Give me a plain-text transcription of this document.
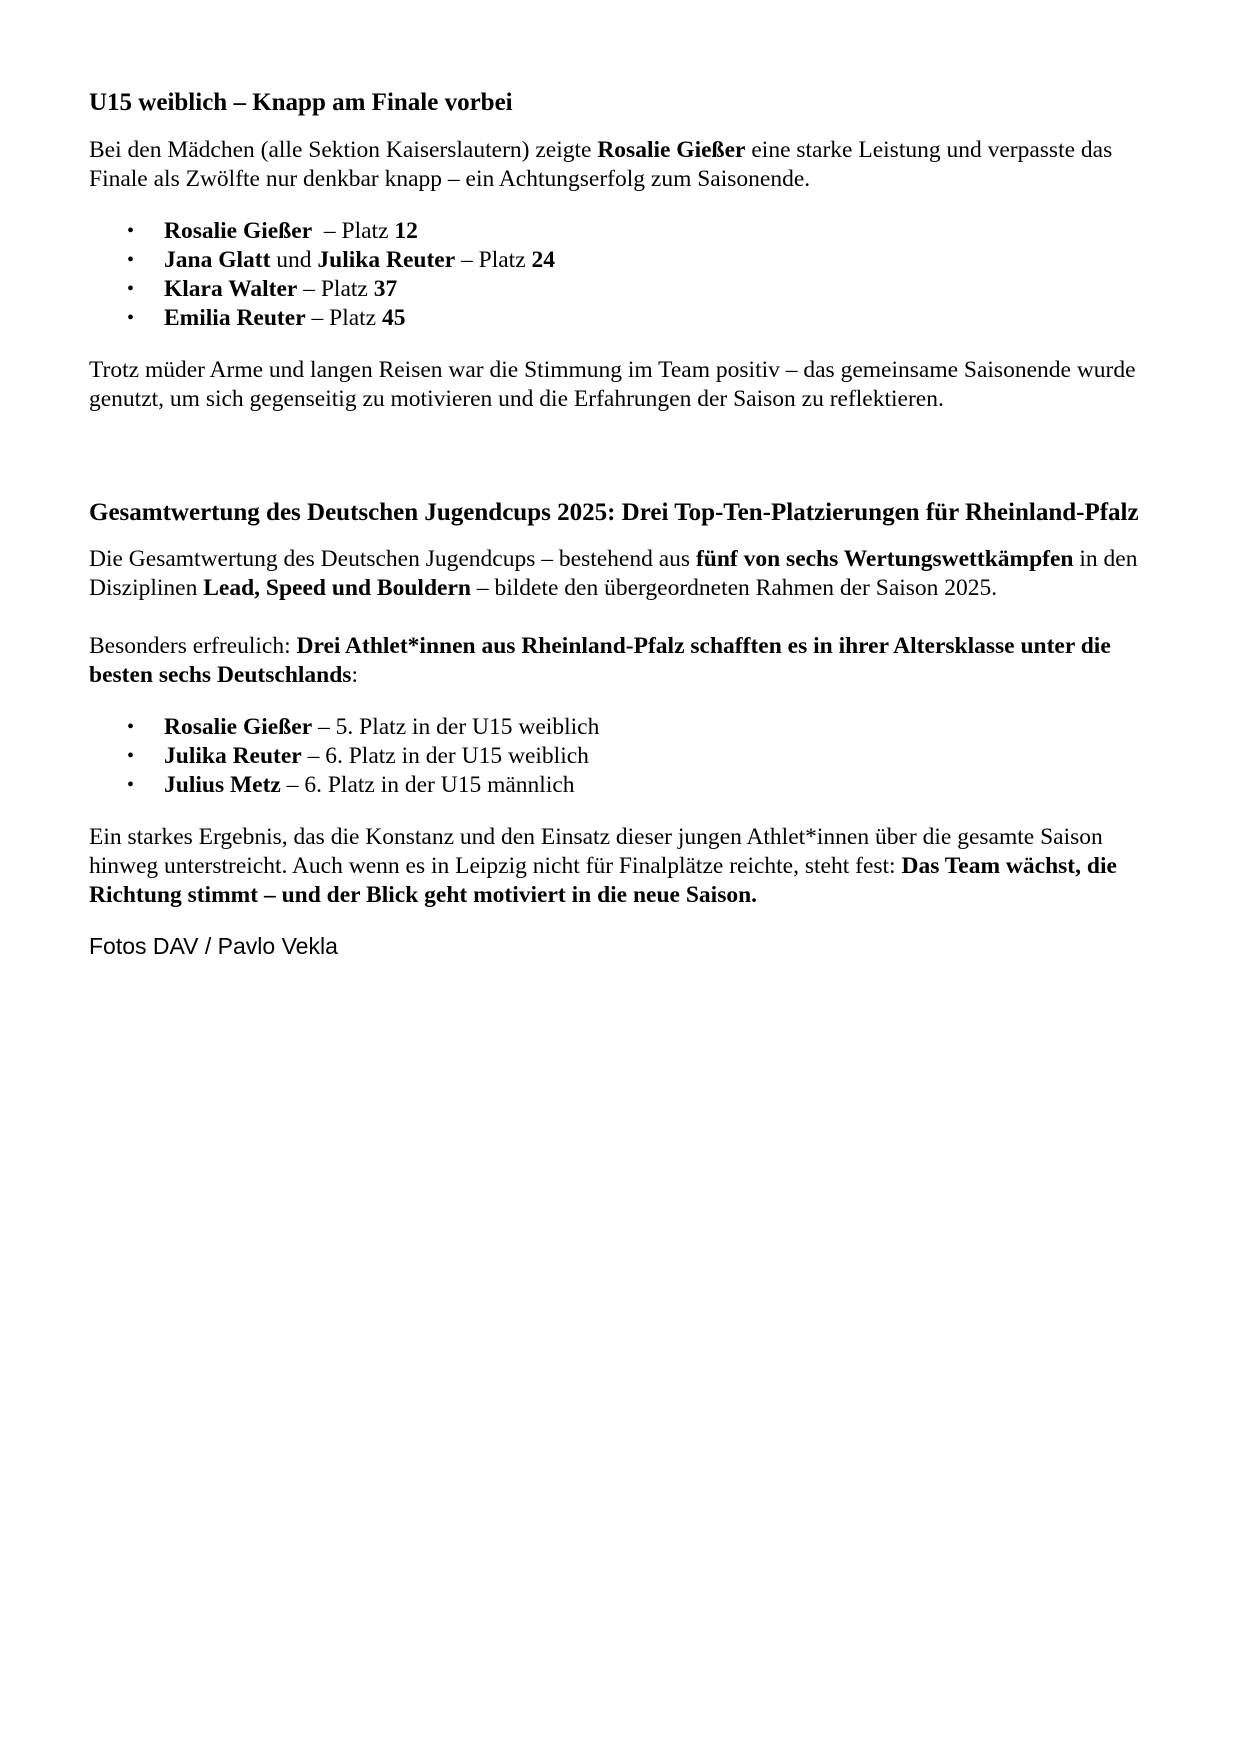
U15 weiblich – Knapp am Finale vorbei

Bei den Mädchen (alle Sektion Kaiserslautern) zeigte Rosalie Gießer eine starke Leistung und verpasste das Finale als Zwölfte nur denkbar knapp – ein Achtungserfolg zum Saisonende.

• Rosalie Gießer  – Platz 12
• Jana Glatt und Julika Reuter – Platz 24
• Klara Walter – Platz 37
• Emilia Reuter – Platz 45

Trotz müder Arme und langen Reisen war die Stimmung im Team positiv – das gemeinsame Saisonende wurde genutzt, um sich gegenseitig zu motivieren und die Erfahrungen der Saison zu reflektieren.

Gesamtwertung des Deutschen Jugendcups 2025: Drei Top-Ten-Platzierungen für Rheinland-Pfalz

Die Gesamtwertung des Deutschen Jugendcups – bestehend aus fünf von sechs Wertungswettkämpfen in den Disziplinen Lead, Speed und Bouldern – bildete den übergeordneten Rahmen der Saison 2025.

Besonders erfreulich: Drei Athlet*innen aus Rheinland-Pfalz schafften es in ihrer Altersklasse unter die besten sechs Deutschlands:

• Rosalie Gießer – 5. Platz in der U15 weiblich
• Julika Reuter – 6. Platz in der U15 weiblich
• Julius Metz – 6. Platz in der U15 männlich

Ein starkes Ergebnis, das die Konstanz und den Einsatz dieser jungen Athlet*innen über die gesamte Saison hinweg unterstreicht. Auch wenn es in Leipzig nicht für Finalplätze reichte, steht fest: Das Team wächst, die Richtung stimmt – und der Blick geht motiviert in die neue Saison.

Fotos DAV / Pavlo Vekla
